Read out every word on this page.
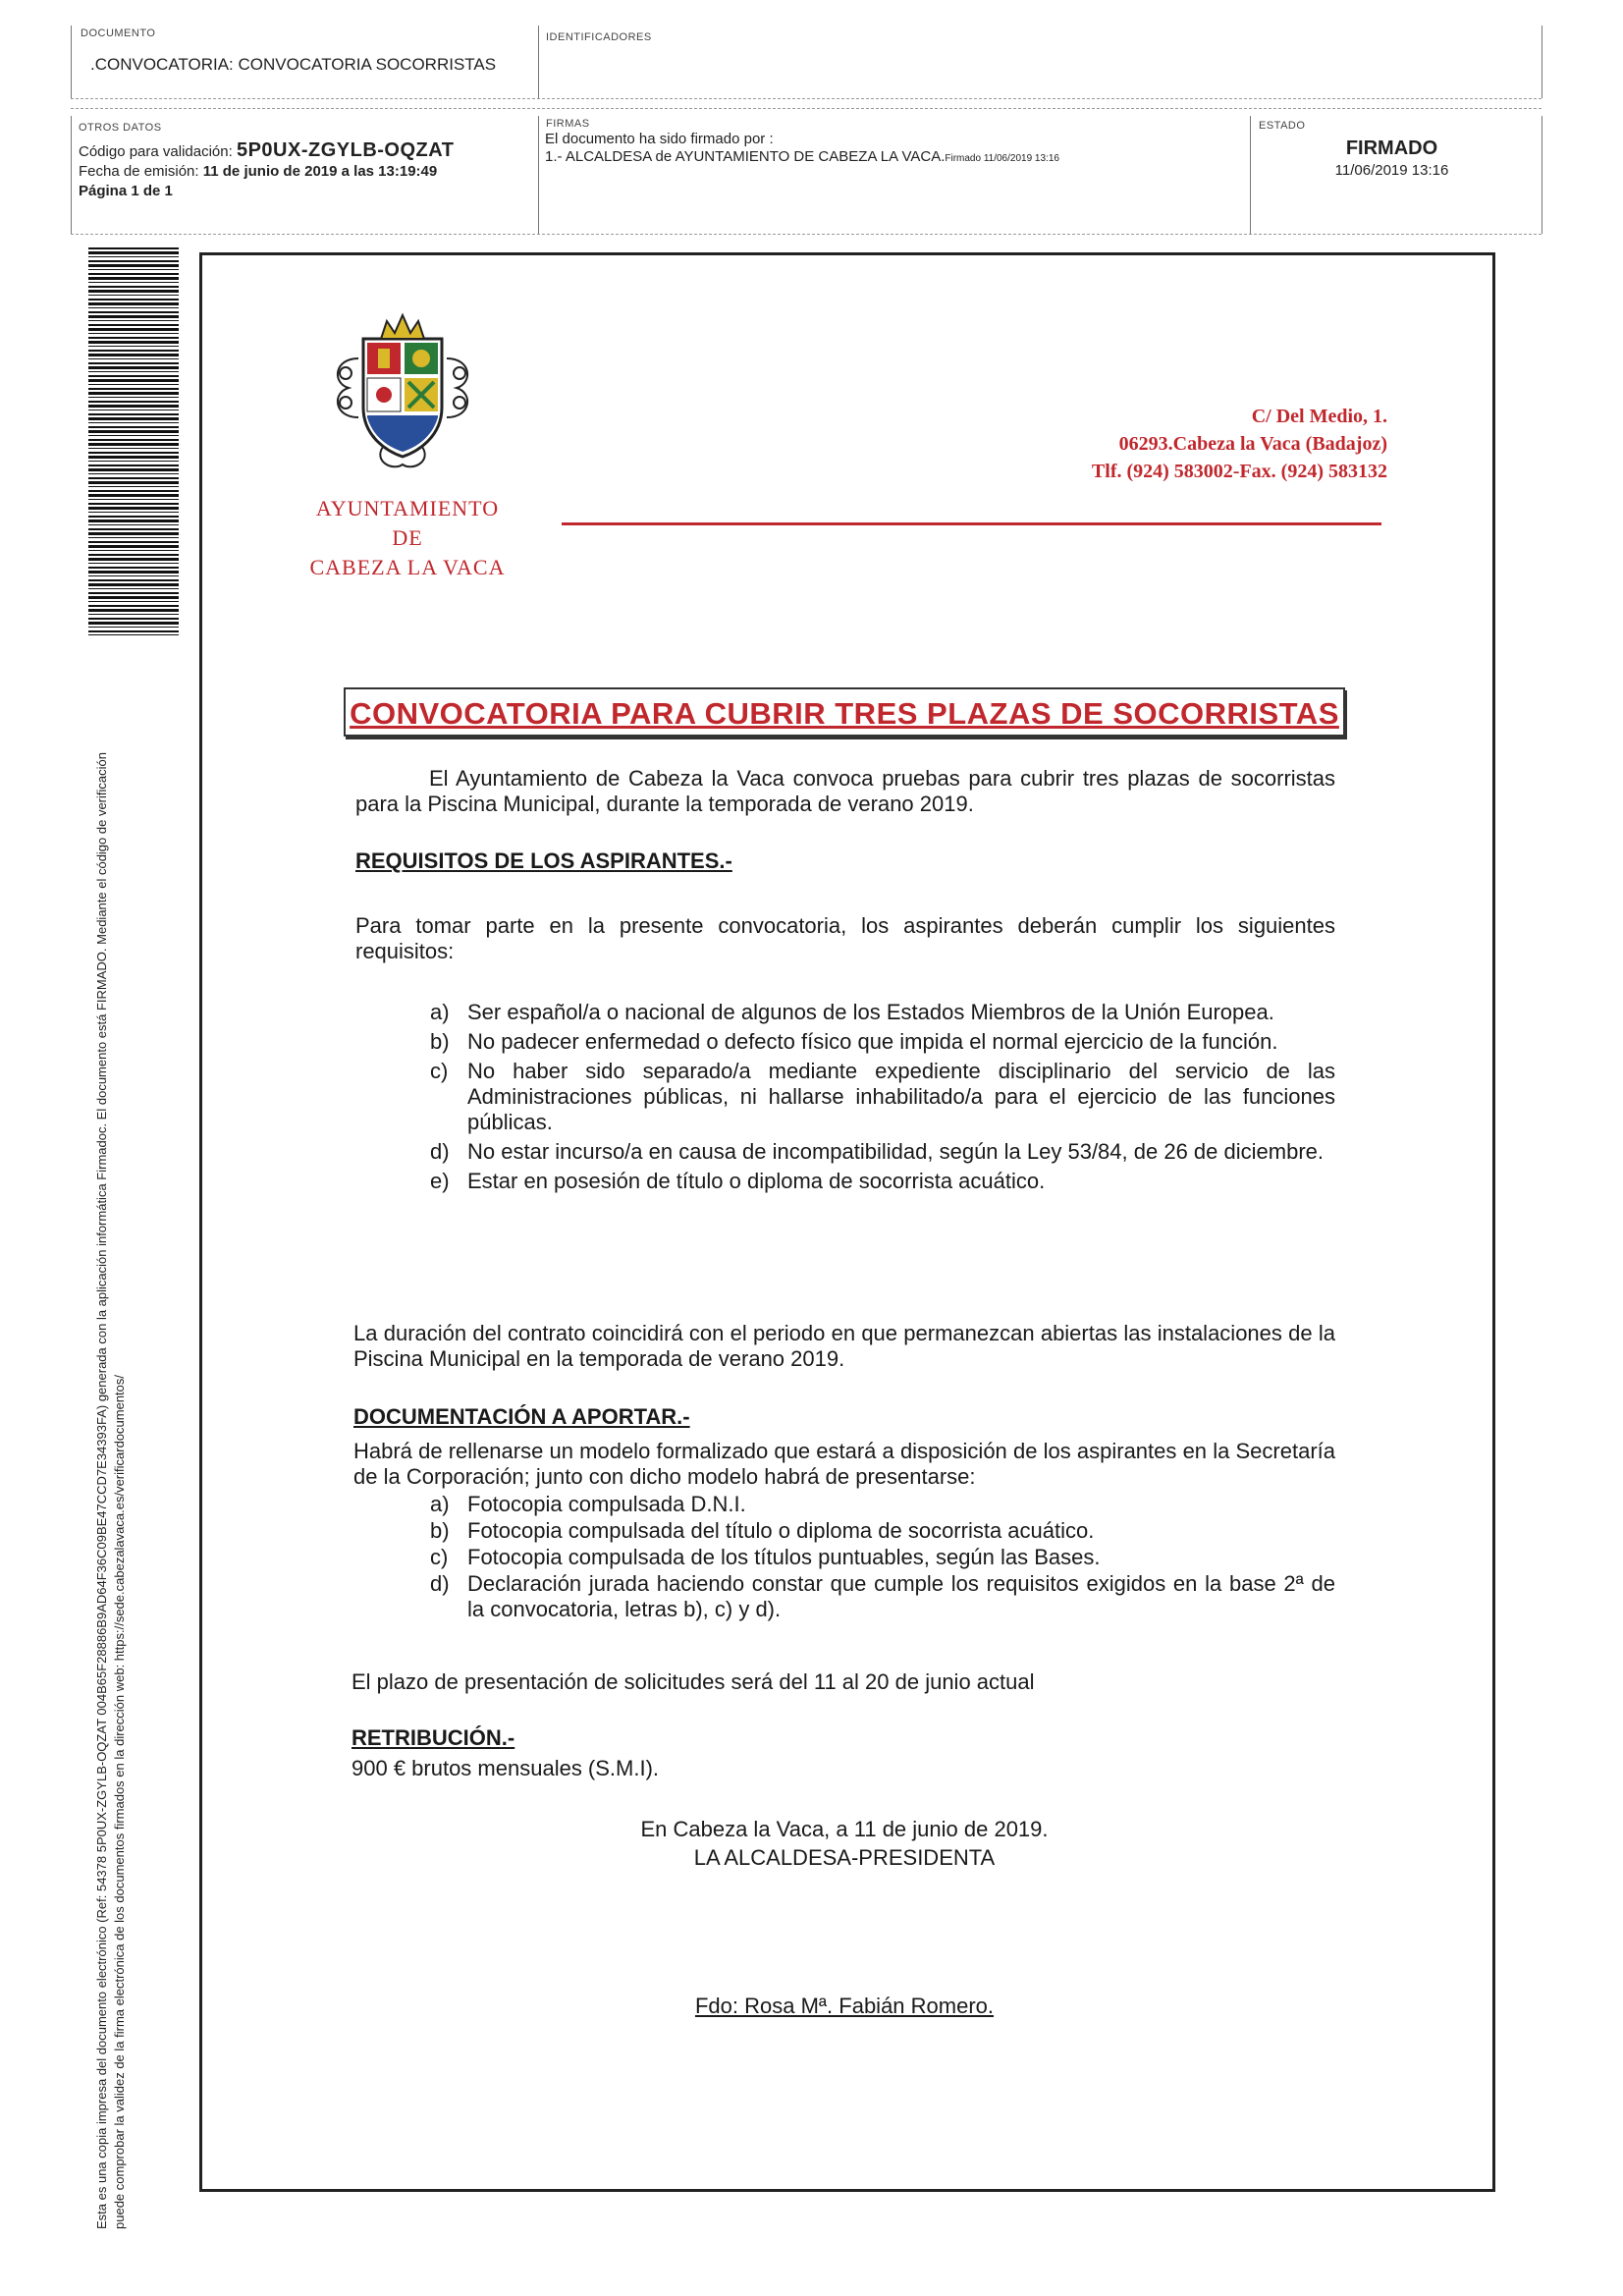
DOCUMENTO
.CONVOCATORIA: CONVOCATORIA SOCORRISTAS
IDENTIFICADORES
OTROS DATOS
Código para validación: 5P0UX-ZGYLB-OQZAT
Fecha de emisión: 11 de junio de 2019 a las 13:19:49
Página 1 de 1
FIRMAS
El documento ha sido firmado por :
1.- ALCALDESA de AYUNTAMIENTO DE CABEZA LA VACA.Firmado 11/06/2019 13:16
ESTADO
FIRMADO
11/06/2019 13:16
Esta es una copia impresa del documento electrónico (Ref: 54378 5P0UX-ZGYLB-OQZAT 004B65F28886B9AD64F36C09BE47CCD7E34393FA) generada con la aplicación informática Firmadoc. El documento está FIRMADO. Mediante el código de verificación puede comprobar la validez de la firma electrónica de los documentos firmados en la dirección web: https://sede.cabezalavaca.es/verificardocumentos/
AYUNTAMIENTO
DE
CABEZA LA VACA
C/ Del Medio, 1.
06293.Cabeza la Vaca (Badajoz)
Tlf. (924) 583002-Fax. (924) 583132
CONVOCATORIA PARA CUBRIR TRES PLAZAS DE SOCORRISTAS
El Ayuntamiento de Cabeza la Vaca convoca pruebas para cubrir tres plazas de socorristas para la Piscina Municipal, durante la temporada de verano 2019.
REQUISITOS DE LOS ASPIRANTES.-
Para tomar parte en la presente convocatoria, los aspirantes deberán cumplir los siguientes requisitos:
a) Ser español/a o nacional de algunos de los Estados Miembros de la Unión Europea.
b) No padecer enfermedad o defecto físico que impida el normal ejercicio de la función.
c) No haber sido separado/a mediante expediente disciplinario del servicio de las Administraciones públicas, ni hallarse inhabilitado/a para el ejercicio de las funciones públicas.
d) No estar incurso/a en causa de incompatibilidad, según la Ley 53/84, de 26 de diciembre.
e) Estar en posesión de título o diploma de socorrista acuático.
La duración del contrato coincidirá con el periodo en que permanezcan abiertas las instalaciones de la Piscina Municipal en la temporada de verano 2019.
DOCUMENTACIÓN A APORTAR.-
Habrá de rellenarse un modelo formalizado que estará a disposición de los aspirantes en la Secretaría de la Corporación; junto con dicho modelo habrá de presentarse:
a) Fotocopia compulsada D.N.I.
b) Fotocopia compulsada del título o diploma de socorrista acuático.
c) Fotocopia compulsada de los títulos puntuables, según las Bases.
d) Declaración jurada haciendo constar que cumple los requisitos exigidos en la base 2ª de la convocatoria, letras b), c) y d).
El plazo de presentación de solicitudes será del 11 al 20 de junio actual
RETRIBUCIÓN.-
900 € brutos mensuales (S.M.I).
En Cabeza la Vaca, a 11 de junio de 2019.
LA ALCALDESA-PRESIDENTA
Fdo: Rosa Mª. Fabián Romero.
